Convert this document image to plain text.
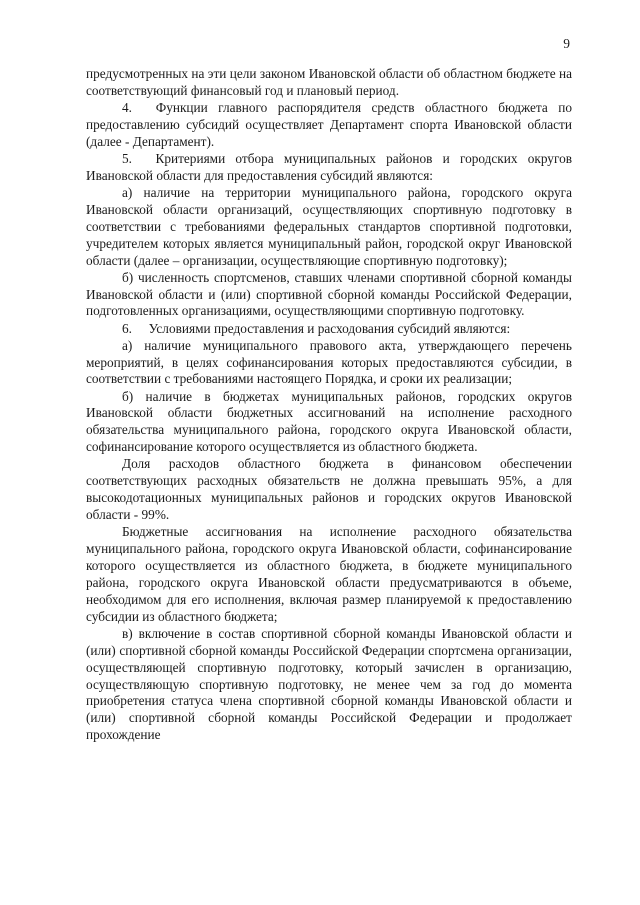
9

предусмотренных на эти цели законом Ивановской области об областном бюджете на соответствующий финансовый год и плановый период.

4.  Функции главного распорядителя средств областного бюджета по предоставлению субсидий осуществляет Департамент спорта Ивановской области (далее - Департамент).

5.  Критериями отбора муниципальных районов и городских округов Ивановской области для предоставления субсидий являются:

а) наличие на территории муниципального района, городского округа Ивановской области организаций, осуществляющих спортивную подготовку в соответствии с требованиями федеральных стандартов спортивной подготовки, учредителем которых является муниципальный район, городской округ Ивановской области (далее – организации, осуществляющие спортивную подготовку);

б) численность спортсменов, ставших членами спортивной сборной команды Ивановской области и (или) спортивной сборной команды Российской Федерации, подготовленных организациями, осуществляющими спортивную подготовку.

6.  Условиями предоставления и расходования субсидий являются:

а) наличие муниципального правового акта, утверждающего перечень мероприятий, в целях софинансирования которых предоставляются субсидии, в соответствии с требованиями настоящего Порядка, и сроки их реализации;

б) наличие в бюджетах муниципальных районов, городских округов Ивановской области бюджетных ассигнований на исполнение расходного обязательства муниципального района, городского округа Ивановской области, софинансирование которого осуществляется из областного бюджета.

Доля расходов областного бюджета в финансовом обеспечении соответствующих расходных обязательств не должна превышать 95%, а для высокодотационных муниципальных районов и городских округов Ивановской области - 99%.

Бюджетные ассигнования на исполнение расходного обязательства муниципального района, городского округа Ивановской области, софинансирование которого осуществляется из областного бюджета, в бюджете муниципального района, городского округа Ивановской области предусматриваются в объеме, необходимом для его исполнения, включая размер планируемой к предоставлению субсидии из областного бюджета;

в) включение в состав спортивной сборной команды Ивановской области и (или) спортивной сборной команды Российской Федерации спортсмена организации, осуществляющей спортивную подготовку, который зачислен в организацию, осуществляющую спортивную подготовку, не менее чем за год до момента приобретения статуса члена спортивной сборной команды Ивановской области и (или) спортивной сборной команды Российской Федерации и продолжает прохождение
